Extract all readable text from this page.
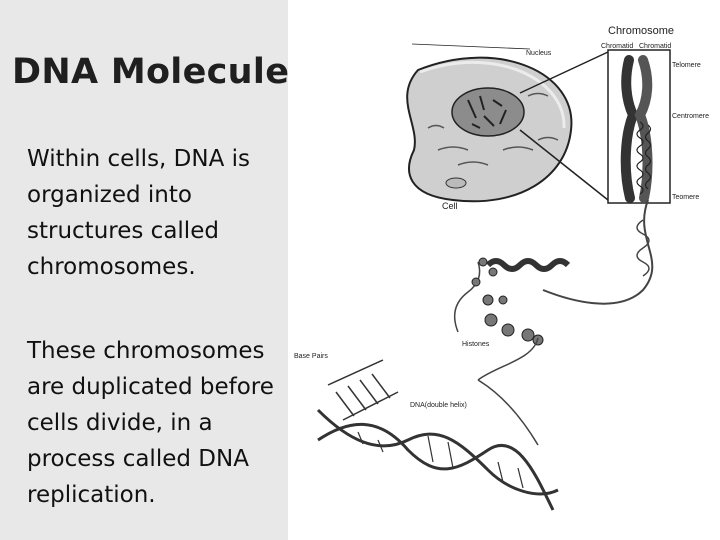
DNA Molecule

Within cells, DNA is organized into structures called chromosomes.

These chromosomes are duplicated before cells divide, in a process called DNA replication.

Chromosome
Nucleus
Chromatid Chromatid
Telomere
Centromere
Teomere
Cell
Histones
Base Pairs
DNA(double helix)
